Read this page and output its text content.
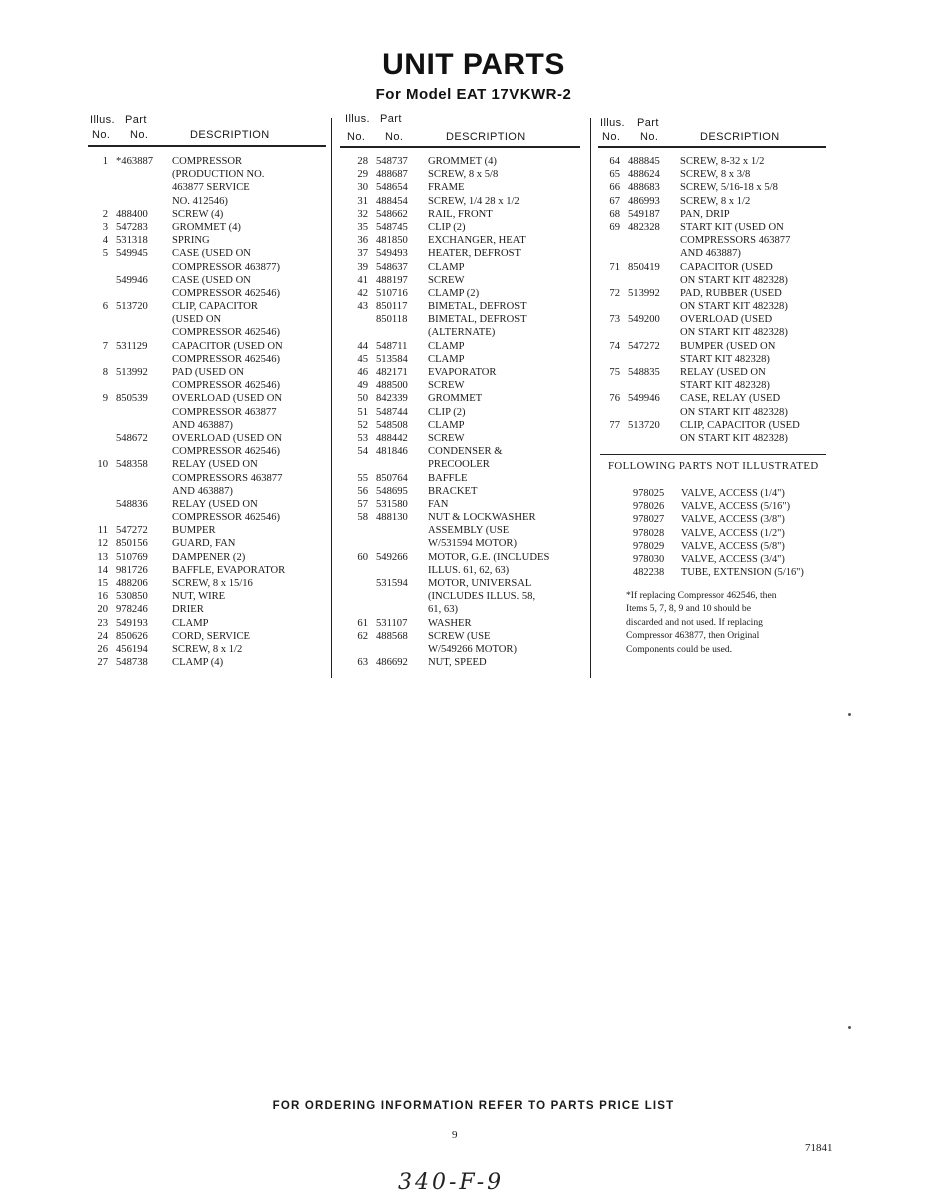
UNIT PARTS
For Model EAT 17VKWR-2
Illus. Part
No. No.	DESCRIPTION
1 *463887 COMPRESSOR
(PRODUCTION NO.
463877 SERVICE
NO. 412546)
2 488400 SCREW (4)
3 547283 GROMMET (4)
4 531318 SPRING
5 549945 CASE (USED ON
COMPRESSOR 463877)
549946 CASE (USED ON
COMPRESSOR 462546)
6 513720 CLIP, CAPACITOR
(USED ON
COMPRESSOR 462546)
7 531129 CAPACITOR (USED ON
COMPRESSOR 462546)
8 513992 PAD (USED ON
COMPRESSOR 462546)
9 850539 OVERLOAD (USED ON
COMPRESSOR 463877
AND 463887)
548672 OVERLOAD (USED ON
COMPRESSOR 462546)
10 548358 RELAY (USED ON
COMPRESSORS 463877
AND 463887)
548836 RELAY (USED ON
COMPRESSOR 462546)
11 547272 BUMPER
12 850156 GUARD, FAN
13 510769 DAMPENER (2)
14 981726 BAFFLE, EVAPORATOR
15 488206 SCREW, 8 x 15/16
16 530850 NUT, WIRE
20 978246 DRIER
23 549193 CLAMP
24 850626 CORD, SERVICE
26 456194 SCREW, 8 x 1/2
27 548738 CLAMP (4)
Illus. Part
No. No.	DESCRIPTION
28 548737 GROMMET (4)
29 488687 SCREW, 8 x 5/8
30 548654 FRAME
31 488454 SCREW, 1/4 28 x 1/2
32 548662 RAIL, FRONT
35 548745 CLIP (2)
36 481850 EXCHANGER, HEAT
37 549493 HEATER, DEFROST
39 548637 CLAMP
41 488197 SCREW
42 510716 CLAMP (2)
43 850117 BIMETAL, DEFROST
850118 BIMETAL, DEFROST
(ALTERNATE)
44 548711 CLAMP
45 513584 CLAMP
46 482171 EVAPORATOR
49 488500 SCREW
50 842339 GROMMET
51 548744 CLIP (2)
52 548508 CLAMP
53 488442 SCREW
54 481846 CONDENSER &
PRECOOLER
55 850764 BAFFLE
56 548695 BRACKET
57 531580 FAN
58 488130 NUT & LOCKWASHER
ASSEMBLY (USE
W/531594 MOTOR)
60 549266 MOTOR, G.E. (INCLUDES
ILLUS. 61, 62, 63)
531594 MOTOR, UNIVERSAL
(INCLUDES ILLUS. 58,
61, 63)
61 531107 WASHER
62 488568 SCREW (USE
W/549266 MOTOR)
63 486692 NUT, SPEED
Illus. Part
No. No.	DESCRIPTION
64 488845 SCREW, 8-32 x 1/2
65 488624 SCREW, 8 x 3/8
66 488683 SCREW, 5/16-18 x 5/8
67 486993 SCREW, 8 x 1/2
68 549187 PAN, DRIP
69 482328 START KIT (USED ON
COMPRESSORS 463877
AND 463887)
71 850419 CAPACITOR (USED
ON START KIT 482328)
72 513992 PAD, RUBBER (USED
ON START KIT 482328)
73 549200 OVERLOAD (USED
ON START KIT 482328)
74 547272 BUMPER (USED ON
START KIT 482328)
75 548835 RELAY (USED ON
START KIT 482328)
76 549946 CASE, RELAY (USED
ON START KIT 482328)
77 513720 CLIP, CAPACITOR (USED
ON START KIT 482328)
FOLLOWING PARTS NOT ILLUSTRATED
978025 VALVE, ACCESS (1/4")
978026 VALVE, ACCESS (5/16")
978027 VALVE, ACCESS (3/8")
978028 VALVE, ACCESS (1/2")
978029 VALVE, ACCESS (5/8")
978030 VALVE, ACCESS (3/4")
482238 TUBE, EXTENSION (5/16")
*If replacing Compressor 462546, then
Items 5, 7, 8, 9 and 10 should be
discarded and not used. If replacing
Compressor 463877, then Original
Components could be used.
FOR ORDERING INFORMATION REFER TO PARTS PRICE LIST
9
71841
340-F-9
